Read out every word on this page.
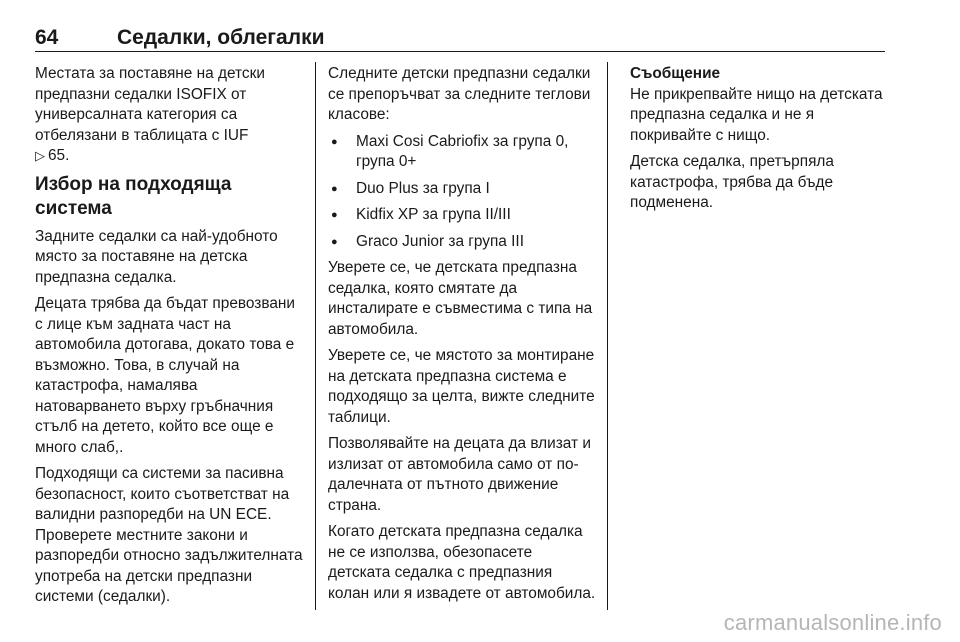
64	Седалки, облегалки

Местата за поставяне на детски предпазни седалки ISOFIX от универсалната категория са отбелязани в таблицата с IUF
▷ 65.

Избор на подходяща система

Задните седалки са най-удобното място за поставяне на детска предпазна седалка.

Децата трябва да бъдат превозвани с лице към задната част на автомобила дотогава, докато това е възможно. Това, в случай на катастрофа, намалява натоварването върху гръбначния стълб на детето, който все още е много слаб,.

Подходящи са системи за пасивна безопасност, които съответстват на валидни разпоредби на UN ECE. Проверете местните закони и разпоредби относно задължителната употреба на детски предпазни системи (седалки).

Следните детски предпазни седалки се препоръчват за следните теглови класове:

● Maxi Cosi Cabriofix за група 0, група 0+
● Duo Plus за група I
● Kidfix XP за група II/III
● Graco Junior за група III

Уверете се, че детската предпазна седалка, която смятате да инсталирате е съвместима с типа на автомобила.

Уверете се, че мястото за монтиране на детската предпазна система е подходящо за целта, вижте следните таблици.

Позволявайте на децата да влизат и излизат от автомобила само от по-далечната от пътното движение страна.

Когато детската предпазна седалка не се използва, обезопасете детската седалка с предпазния колан или я извадете от автомобила.

Съобщение
Не прикрепвайте нищо на детската предпазна седалка и не я покривайте с нищо.

Детска седалка, претърпяла катастрофа, трябва да бъде подменена.

carmanualsonline.info
